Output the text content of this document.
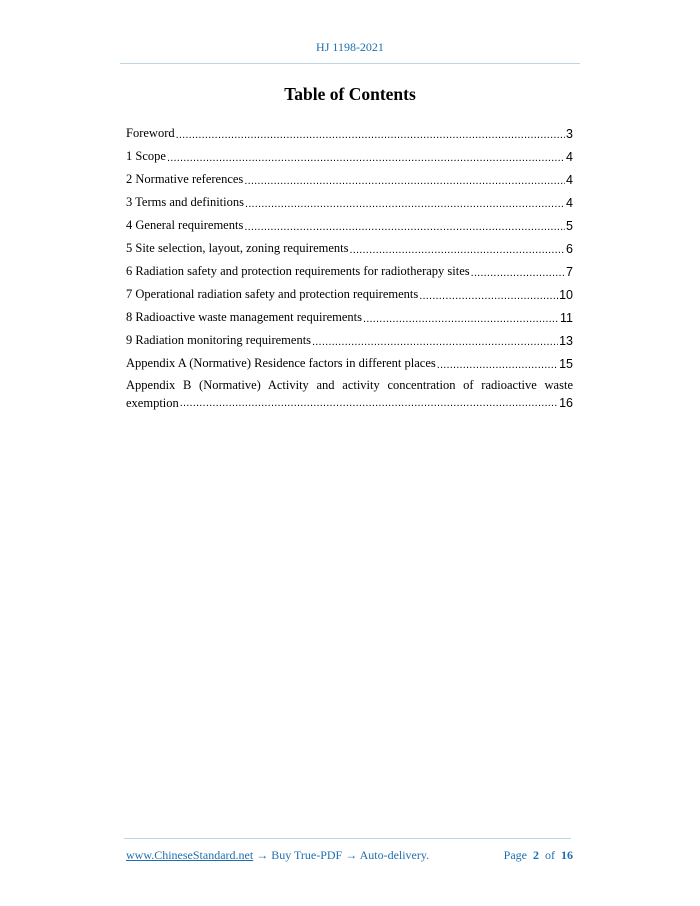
HJ 1198-2021
Table of Contents
Foreword .....	3
1 Scope .....	4
2 Normative references .....	4
3 Terms and definitions .....	4
4 General requirements .....	5
5 Site selection, layout, zoning requirements .....	6
6 Radiation safety and protection requirements for radiotherapy sites .....	7
7 Operational radiation safety and protection requirements .....	10
8 Radioactive waste management requirements .....	11
9 Radiation monitoring requirements .....	13
Appendix A (Normative) Residence factors in different places .....	15
Appendix B (Normative) Activity and activity concentration of radioactive waste
exemption .....	16
www.ChineseStandard.net → Buy True-PDF → Auto-delivery.	Page 2 of 16
